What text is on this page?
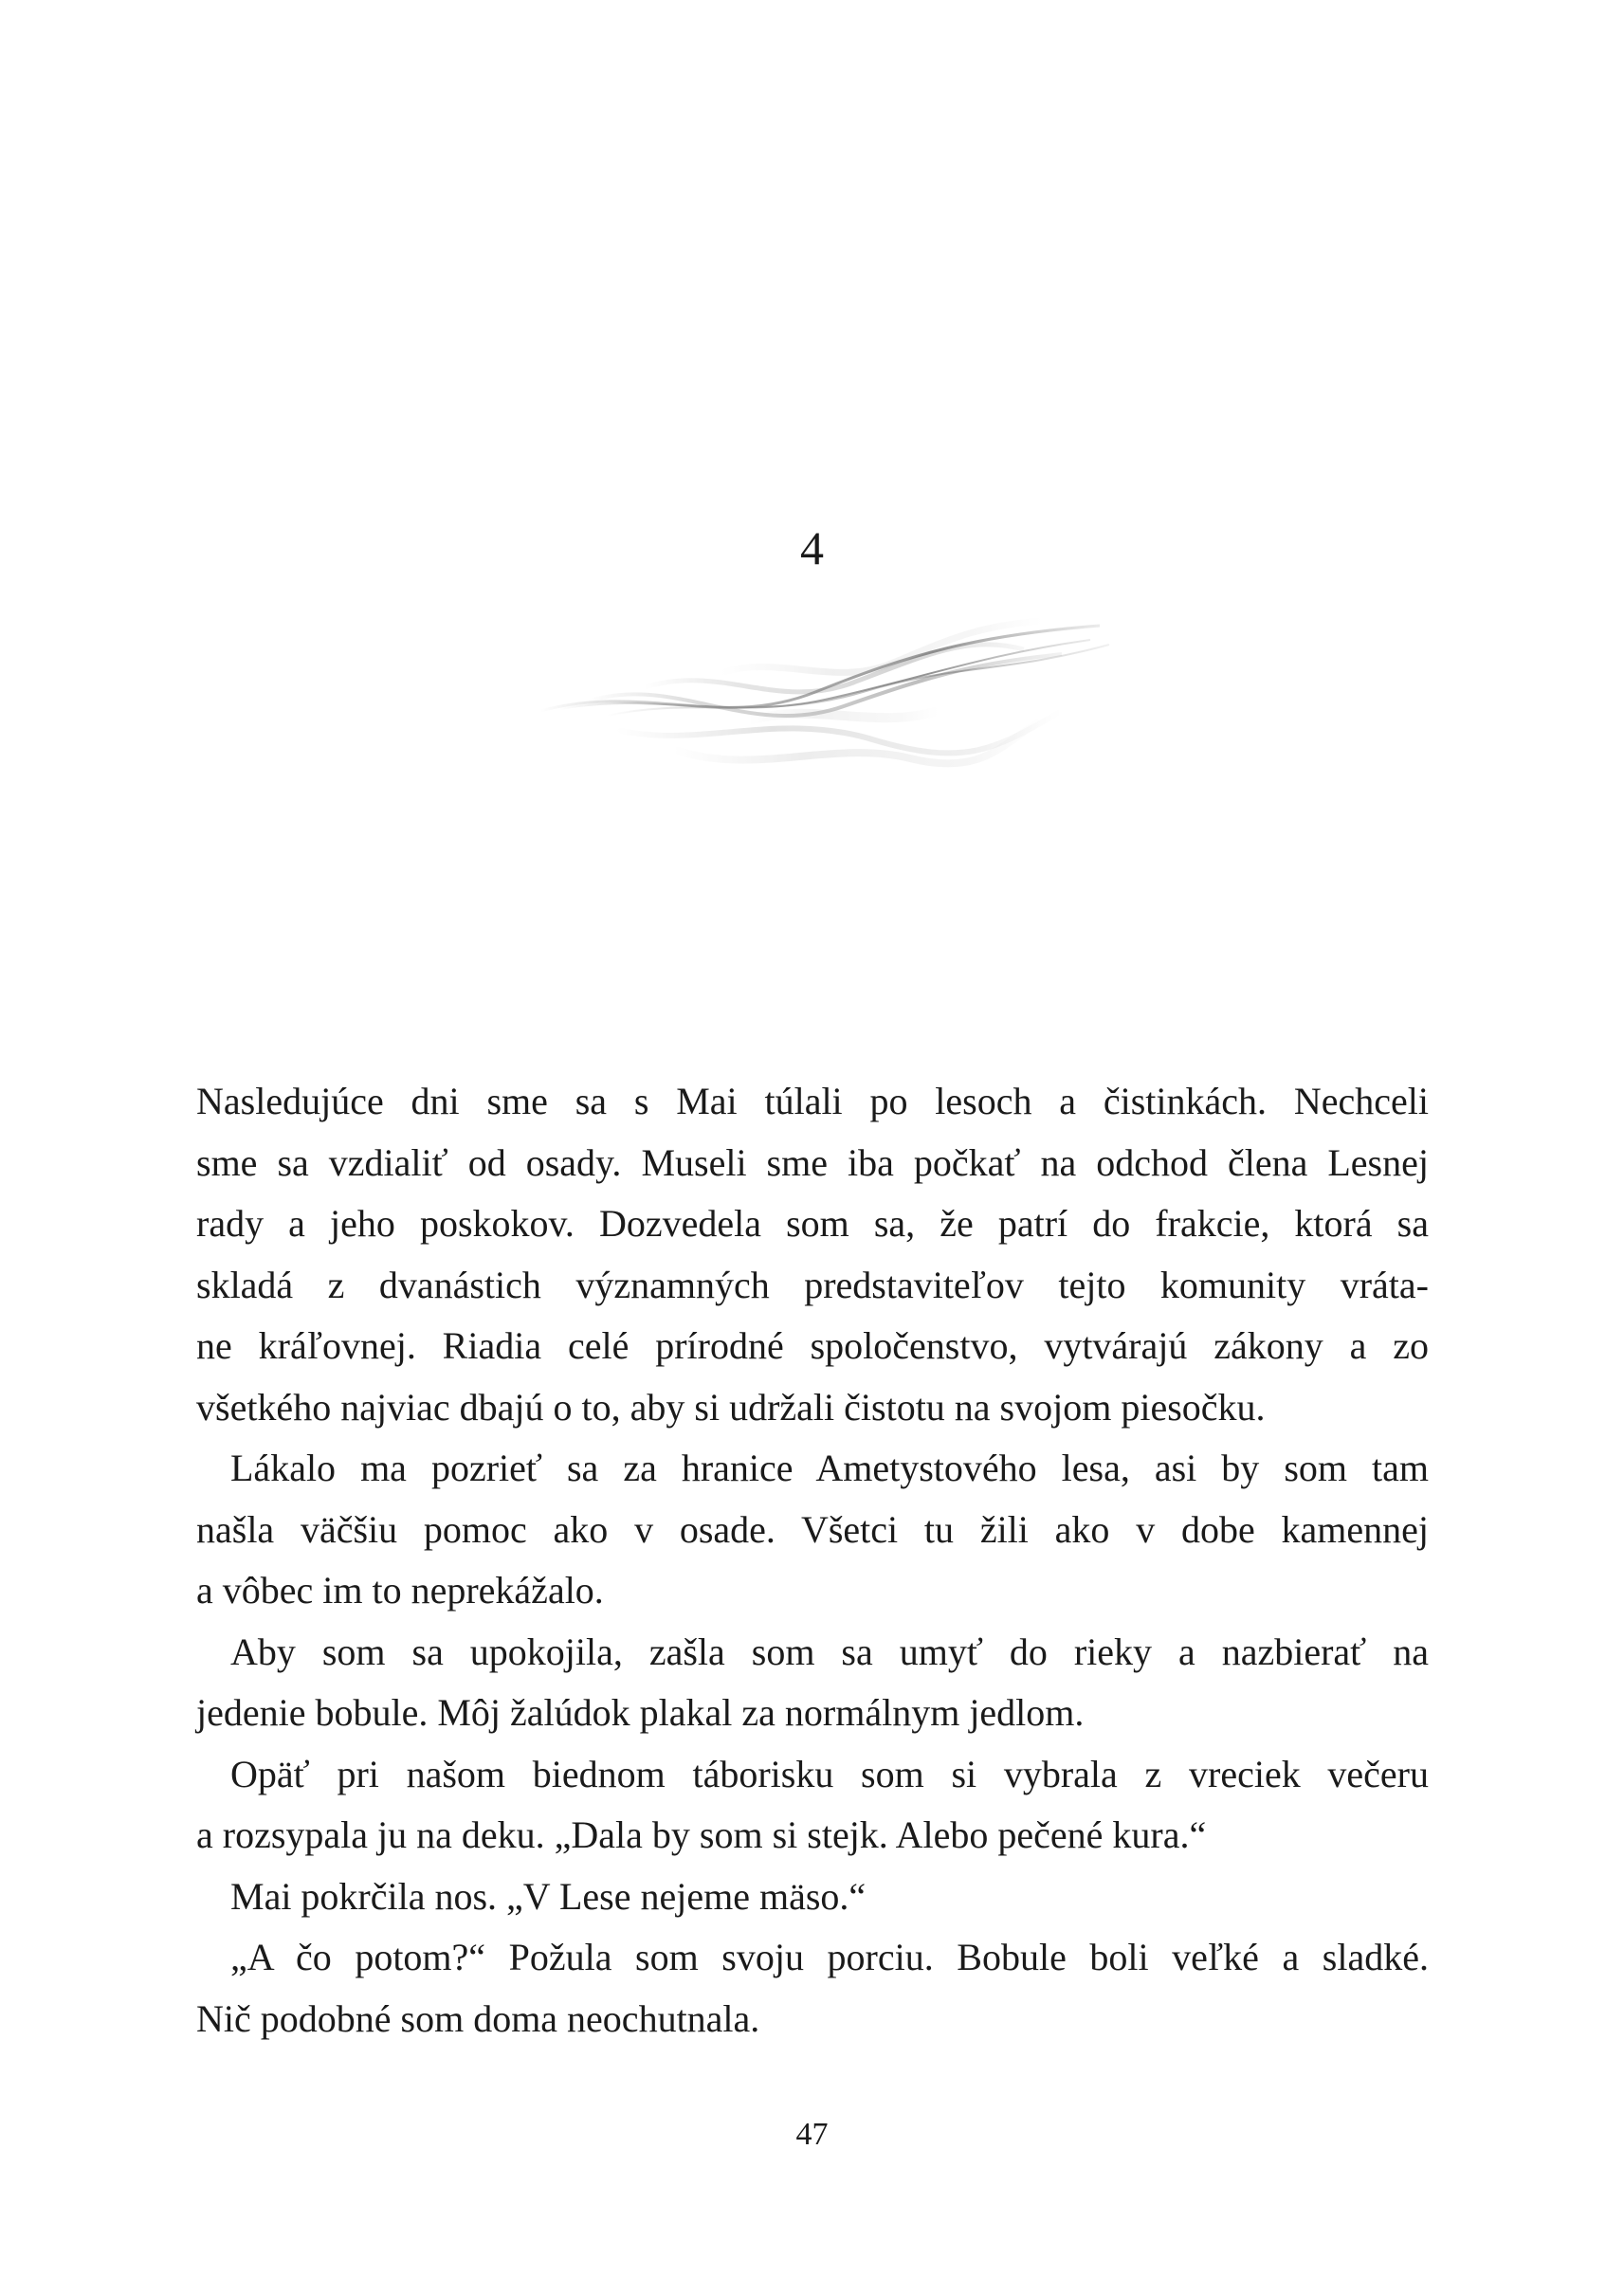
4

Nasledujúce dni sme sa s Mai túlali po lesoch a čistinkách. Nechceli

sme sa vzdialiť od osady. Museli sme iba počkať na odchod člena Lesnej

rady a jeho poskokov. Dozvedela som sa, že patrí do frakcie, ktorá sa

skladá z dvanástich významných predstaviteľov tejto komunity vráta-

ne kráľovnej. Riadia celé prírodné spoločenstvo, vytvárajú zákony a zo

všetkého najviac dbajú o to, aby si udržali čistotu na svojom piesočku.

Lákalo ma pozrieť sa za hranice Ametystového lesa, asi by som tam

našla väčšiu pomoc ako v osade. Všetci tu žili ako v dobe kamennej

a vôbec im to neprekážalo.

Aby som sa upokojila, zašla som sa umyť do rieky a nazbierať na

jedenie bobule. Môj žalúdok plakal za normálnym jedlom.

Opäť pri našom biednom táborisku som si vybrala z vreciek večeru

a rozsypala ju na deku. „Dala by som si stejk. Alebo pečené kura.“

Mai pokrčila nos. „V Lese nejeme mäso.“

„A čo potom?“ Požula som svoju porciu. Bobule boli veľké a sladké.

Nič podobné som doma neochutnala.

47
